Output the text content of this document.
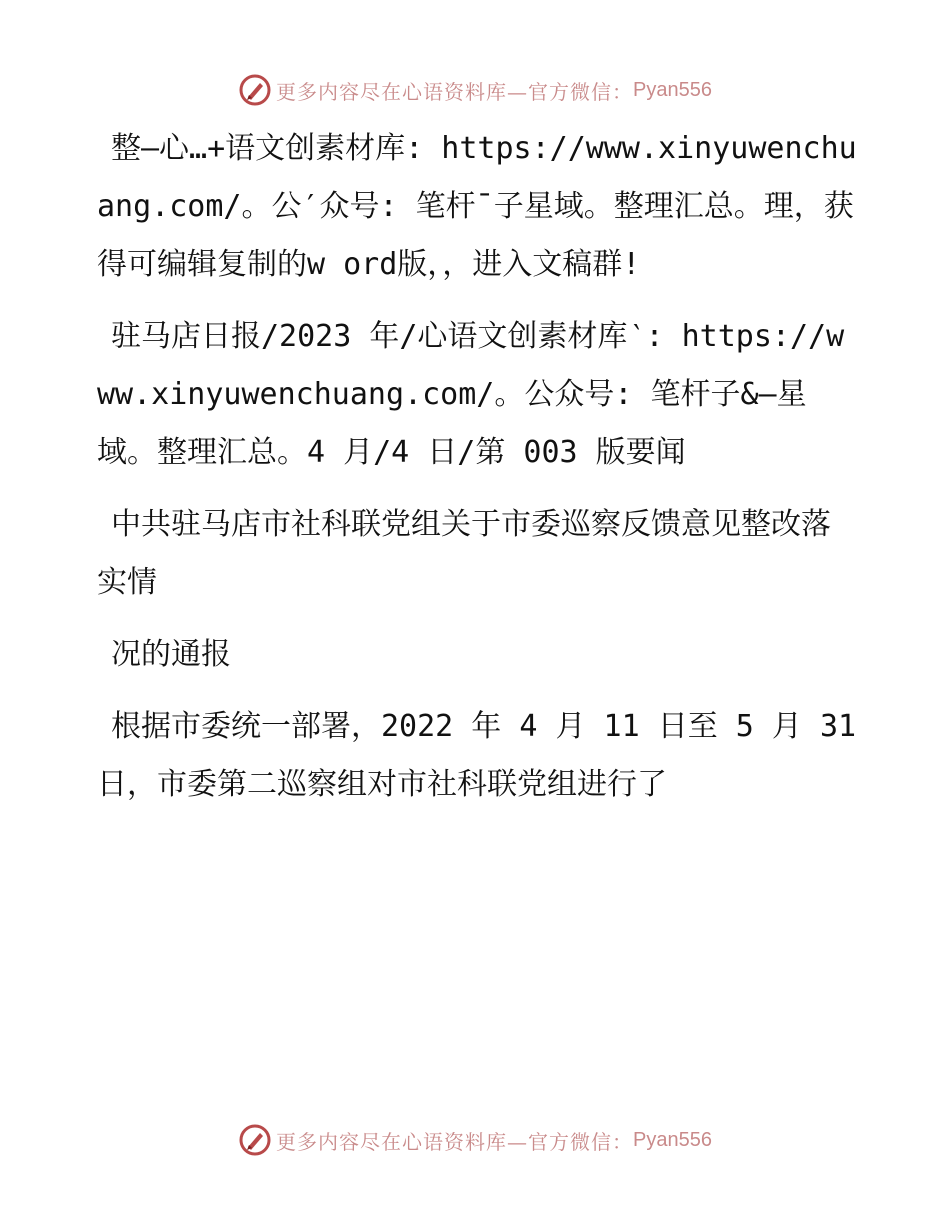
更多内容尽在心语资料库—官方微信： Pyan556

整—心…+语文创素材库: https://www.xinyuwenchuang.com/。公′众号: 笔杆¯子星域。整理汇总。理，获得可编辑复制的w ord版，，进入文稿群!

驻马店日报/2023 年/心语文创素材库‵: https://www.xinyuwenchuang.com/。公众号: 笔杆子&—星域。整理汇总。4 月/4 日/第 003 版要闻

中共驻马店市社科联党组关于市委巡察反馈意见整改落实情

况的通报

根据市委统一部署，2022 年 4 月 11 日至 5 月 31 日，市委第二巡察组对市社科联党组进行了

更多内容尽在心语资料库—官方微信： Pyan556
